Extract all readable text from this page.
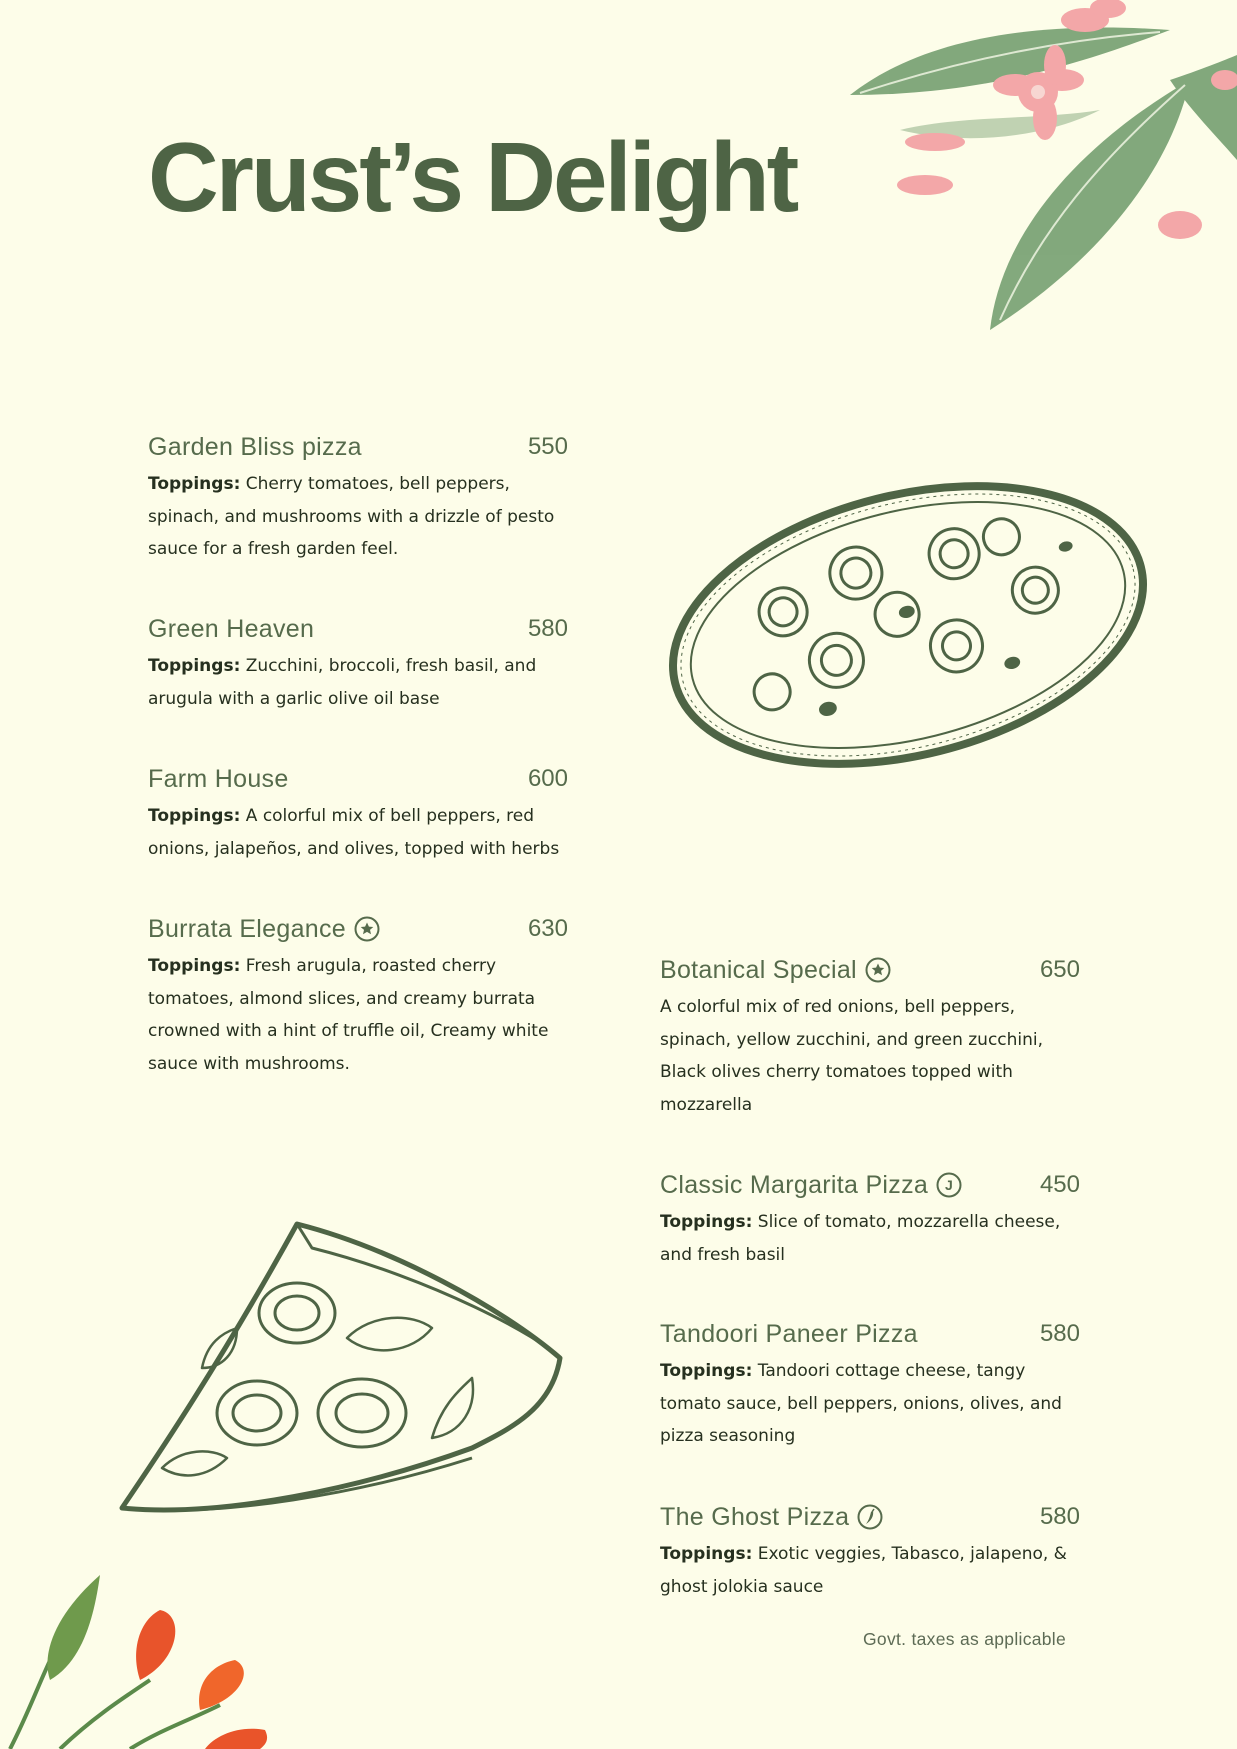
Crust’s Delight
Garden Bliss pizza	550

Toppings: Cherry tomatoes, bell peppers, spinach, and mushrooms with a drizzle of pesto sauce for a fresh garden feel.

Green Heaven	580

Toppings: Zucchini, broccoli, fresh basil, and arugula with a garlic olive oil base

Farm House	600

Toppings: A colorful mix of bell peppers, red onions, jalapeños, and olives, topped with herbs

Burrata Elegance	630

Toppings: Fresh arugula, roasted cherry tomatoes, almond slices, and creamy burrata crowned with a hint of truffle oil, Creamy white sauce with mushrooms.

Botanical Special	650

A colorful mix of red onions, bell peppers, spinach, yellow zucchini, and green zucchini, Black olives cherry tomatoes topped with mozzarella

Classic Margarita Pizza J	450

Toppings: Slice of tomato, mozzarella cheese, and fresh basil

Tandoori Paneer Pizza	580

Toppings: Tandoori cottage cheese, tangy tomato sauce, bell peppers, onions, olives, and pizza seasoning

The Ghost Pizza	580

Toppings: Exotic veggies, Tabasco, jalapeno, & ghost jolokia sauce

Govt. taxes as applicable
